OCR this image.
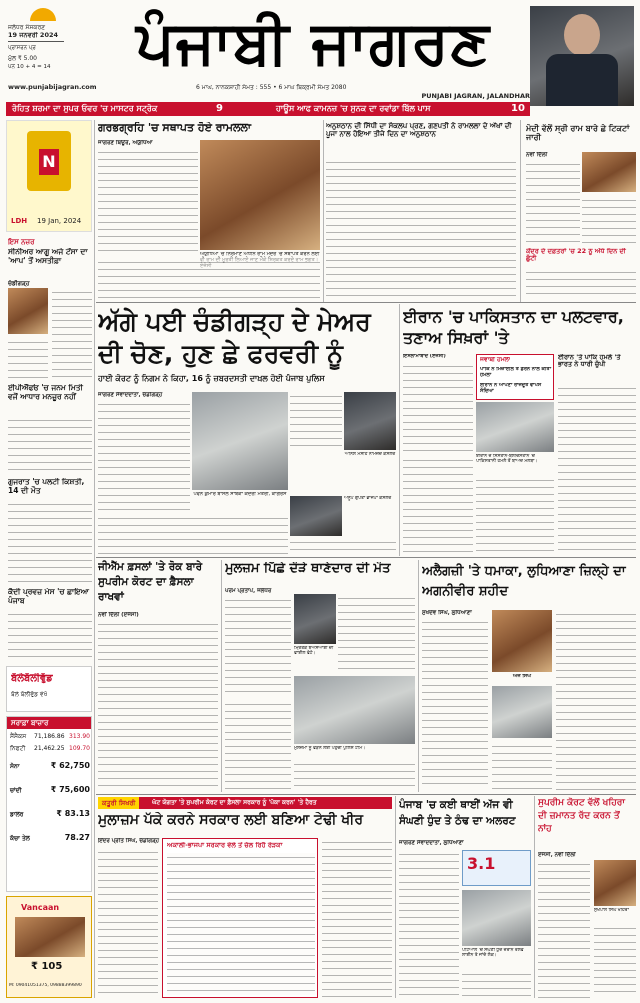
ਜਲੰਧਰ ਸੰਸਕਰਣ
19 ਜਨਵਰੀ 2024
ਪ੍ਰਾਸਰਨ ਪ੍ਰ
ਮੁੱਲ ₹ 5.00
ਪੰਨੇ 10 + 4 = 14	ਪੰਜਾਬੀ ਜਾਗਰਣ
www.punjabijagran.com	6 ਮਾਘ, ਨਾਨਕਸ਼ਾਹੀ ਸੰਮਤ : 555 • 6 ਮਾਘ ਬਿਕ੍ਰਮੀ ਸੰਮਤ 2080
PUNJABI JAGRAN, JALANDHAR
ਰੋਹਿਤ ਸ਼ਰਮਾ ਦਾ ਸੁਪਰ ਓਵਰ 'ਚ ਮਾਸਟਰ ਸਟ੍ਰੋਕ	9	ਹਾਊਸ ਆਫ ਕਾਮਨਜ਼ 'ਚ ਸੁਨਕ ਦਾ ਰਵਾਂਡਾ ਬਿੱਲ ਪਾਸ	10
N
LDH 19 Jan, 2024
ਇਸ ਨਜ਼ਰ
ਸੀਨੀਅਰ ਆਗੂ ਅਜੇ ਟੌਂਸਾ ਦਾ 'ਆਪ' ਤੋਂ ਅਸਤੀਫ਼ਾ
ਚੰਡੀਗੜ੍ਹ
ਈਪੀਐੱਫਓ 'ਚ ਜਨਮ ਮਿਤੀ ਵਜੋਂ ਆਧਾਰ ਮਨਜ਼ੂਰ ਨਹੀਂ
ਗੁਜਰਾਤ 'ਚ ਪਲਟੀ ਕਿਸ਼ਤੀ, 14 ਦੀ ਮੌਤ
ਕੈਦੀ ਪ੍ਰਵਜ਼ ਮੇਸ 'ਚ ਛਾਇਆ ਪੰਜਾਬ
ਬੱਲੇਬੱਲੀਵੁੱਡ
ਬੱਲੇ ਬੱਲੀਵੁੱਡ ਵੇਖੋ
ਸਰਾਫ਼ਾ ਬਾਜ਼ਾਰ
ਸੈਂਸੈਕਸ 71,186.86 313.90
ਨਿਫਟੀ 21,462.25 109.70
ਸੋਨਾ	₹ 62,750
ਚਾਂਦੀ	₹ 75,600
ਡਾਲਰ	₹ 83.13
ਕੱਚਾ ਤੇਲ	78.27
Vancaan
₹ 105
M: 09041051375, 09888399890
ਗਰਭਗ੍ਰਹਿ 'ਚ ਸਥਾਪਤ ਹੋਏ ਰਾਮਲਲਾ
ਜਾਗਰਣ ਬਿਊਰੋ, ਅਯੁੱਧਿਆ
ਅਯੁੱਧਿਆ 'ਚ ਨਿਰਮਾਣ ਅਧੀਨ ਰਾਮ ਮੰਦਰ 'ਚ ਸਥਾਪਤ ਕਰਨ ਲਈ
ਅਨੁਸ਼ਠਾਨ ਦੀ ਸਿੱਧੀ ਦਾ ਸੰਕਲਪ ਪ੍ਰਣ, ਗਣਪਤੀ ਨੇ ਰਾਮਲਲਾ ਦੇ ਅੱਖਾਂ ਦੀ ਪੂਜਾ ਨਾਲ ਹੋਇਆ ਤੀਜੇ ਦਿਨ ਦਾ ਅਨੁਸ਼ਠਾਨ
ਮੋਦੀ ਵੱਲੋਂ ਸ੍ਰੀ ਰਾਮ ਬਾਰੇ ਛੇ ਟਿਕਟਾਂ ਜਾਰੀ
ਨਵੀਂ ਦਿੱਲੀ
ਕੇਂਦਰ ਦੇ ਦਫ਼ਤਰਾਂ 'ਚ 22 ਨੂੰ ਅੱਧੇ ਦਿਨ ਦੀ ਛੁੱਟੀ
ਅੱਗੇ ਪਈ ਚੰਡੀਗੜ੍ਹ ਦੇ ਮੇਅਰ ਦੀ ਚੋਣ, ਹੁਣ ਛੇ ਫਰਵਰੀ ਨੂੰ
ਹਾਈ ਕੋਰਟ ਨੂੰ ਨਿਗਮ ਨੇ ਕਿਹਾ, 16 ਨੂੰ ਜ਼ਬਰਦਸਤੀ ਦਾਖ਼ਲ ਹੋਈ ਪੰਜਾਬ ਪੁਲਿਸ
ਜਾਗਰਣ ਸੰਵਾਦਦਾਤਾ, ਚੰਡੀਗੜ੍ਹ
ਪਵਨ ਕੁਮਾਰ ਬਾਂਸਲ ਸਾਬਕਾ ਕੇਂਦਰੀ ਮੰਤਰੀ, ਕਾਂਗਰਸ
ਅਨਿਲ ਮਸੀਹ ਨਾਮਜ਼ਦ ਕੌਂਸਲਰ
ਅਨੂਪ ਗੁਪਤਾ ਭਾਜਪਾ ਕੌਂਸਲਰ
ਈਰਾਨ 'ਚ ਪਾਕਿਸਤਾਨ ਦਾ ਪਲਟਵਾਰ, ਤਣਾਅ ਸਿਖ਼ਰਾਂ 'ਤੇ
ਇਸਲਾਮਾਬਾਦ (ਏਜੰਸੀ)	ਜਵਾਬੀ ਹਮਲਾ
ਪਾਕਿ ਨੇ ਮਿਜ਼ਾਈਲ ਤੇ ਡਰੋਨ ਨਾਲ ਕੀਤਾ ਹਮਲਾ
ਈਰਾਨ ਨੇ ਆਪਣਾ ਰਾਜਦੂਤ ਵਾਪਸ ਸੱਦਿਆ
ਈਰਾਨ ਦੇ ਸਿਸਤਾਨ-ਬਲੋਚਿਸਤਾਨ 'ਚ ਪਾਕਿਸਤਾਨੀ ਹਮਲੇ ਤੋਂ ਬਾਅਦ ਮਲਬਾ।
ਈਰਾਨ 'ਤੇ ਪਾਕਿ ਹਮਲੇ 'ਤੇ ਭਾਰਤ ਨੇ ਧਾਰੀ ਚੁੱਪੀ
ਜੀਐੱਮ ਫ਼ਸਲਾਂ 'ਤੇ ਰੋਕ ਬਾਰੇ ਸੁਪਰੀਮ ਕੋਰਟ ਦਾ ਫ਼ੈਸਲਾ ਰਾਖਵਾਂ
ਨਵੀਂ ਦਿੱਲੀ (ਏਜੰਸੀ)
ਮੁਲਜ਼ਮ ਪਿੱਛੇ ਦੌੜੇ ਥਾਣੇਦਾਰ ਦੀ ਮੌਤ
ਪਰਮ ਪ੍ਰਤਾਪ, ਜਲੰਧਰ
ਮ੍ਰਿਤਕ ਏਐੱਸਆਈ ਦੀ ਫਾਈਲ ਫੋਟੋ।
ਮੁਲਜ਼ਮਾਂ ਨੂੰ ਫੜਨ ਲਈ ਪਹੁੰਚੀ ਪੁਲਿਸ ਟੀਮ।
ਅਲੈਗਜ਼ੀ 'ਤੇ ਧਮਾਕਾ, ਲੁਧਿਆਣਾ ਜ਼ਿਲ੍ਹੇ ਦਾ ਅਗਨੀਵੀਰ ਸ਼ਹੀਦ
ਸੁਖਦੇਵ ਸਿੰਘ, ਲੁਧਿਆਣਾ
ਅਜੈ ਸਿੰਘ
ਕਤੂਰੀ ਸਿਖਰੀ	ਘੱਟ ਯੋਗਤਾ 'ਤੇ ਸੁਪਰੀਮ ਕੋਰਟ ਦਾ ਫ਼ੈਸਲਾ ਸਰਕਾਰ ਨੂੰ 'ਪੱਕਾ ਕਰਨ' 'ਤੇ ਹੈਰਤ
ਮੁਲਾਜ਼ਮ ਪੱਕੇ ਕਰਨੇ ਸਰਕਾਰ ਲਈ ਬਣਿਆ ਟੇਢੀ ਖੀਰ
ਇੰਦਰ ਪ੍ਰੀਤ ਸਿੰਘ, ਚੰਡੀਗੜ੍ਹ	ਅਕਾਲੀ-ਭਾਜਪਾ ਸਰਕਾਰ ਵੇਲੇ ਤੋਂ ਚੱਲ ਰਿਹੈ ਰੇੜਕਾ
ਪੰਜਾਬ 'ਚ ਕਈ ਥਾਈਂ ਅੱਜ ਵੀ ਸੰਘਣੀ ਧੁੰਦ ਤੇ ਠੰਢ ਦਾ ਅਲਰਟ
ਜਾਗਰਣ ਸੰਵਾਦਦਾਤਾ, ਲੁਧਿਆਣਾ
3.1
ਪਟਿਆਲੇ 'ਚ ਸੰਘਣੀ ਧੁੰਦ ਦੌਰਾਨ ਰੇਲਵੇ ਲਾਈਨ ਤੇ ਜਾਂਦੇ ਲੋਕ।
ਸੁਪਰੀਮ ਕੋਰਟ ਵੱਲੋਂ ਖਹਿਰਾ ਦੀ ਜ਼ਮਾਨਤ ਰੱਦ ਕਰਨ ਤੋਂ ਨਾਂਹ
ਏਜੰਸੀ, ਨਵੀਂ ਦਿੱਲੀ
ਸੁਖਪਾਲ ਸਿੰਘ ਖਹਿਰਾ
